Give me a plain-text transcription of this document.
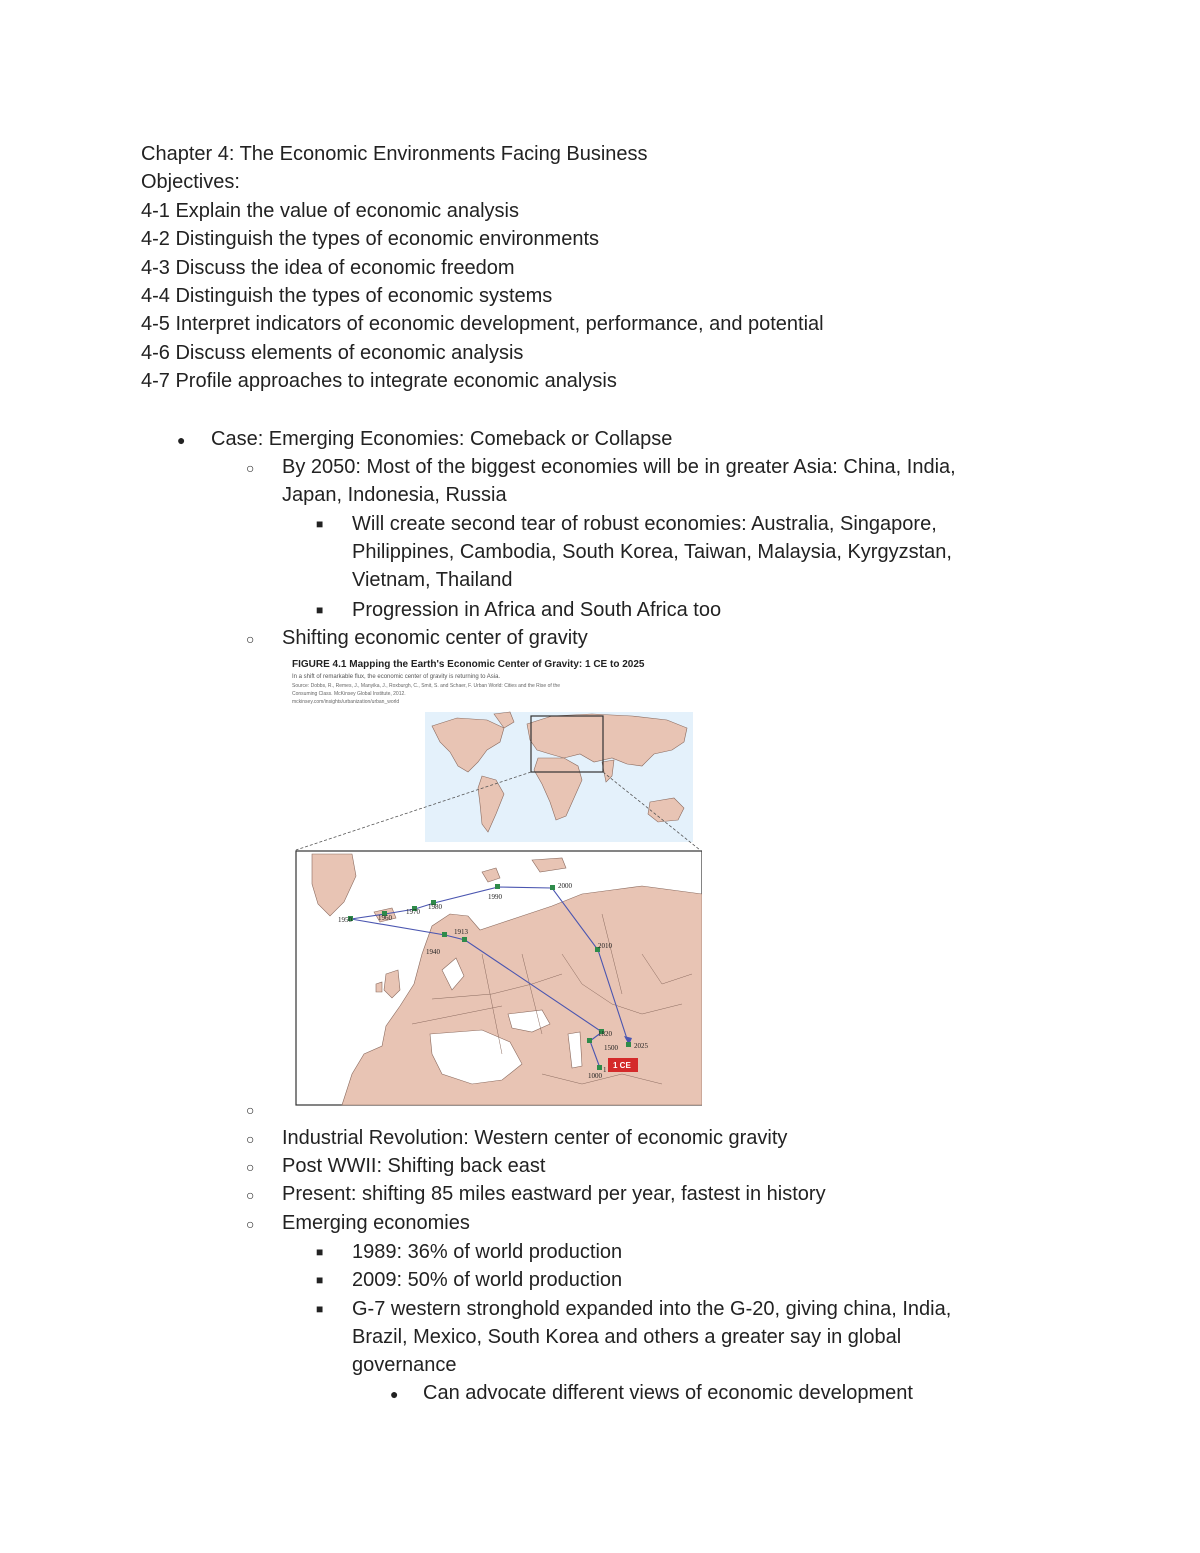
Chapter 4: The Economic Environments Facing Business
Objectives:
4-1 Explain the value of economic analysis
4-2 Distinguish the types of economic environments
4-3 Discuss the idea of economic freedom
4-4 Distinguish the types of economic systems
4-5 Interpret indicators of economic development, performance, and potential
4-6 Discuss elements of economic analysis
4-7 Profile approaches to integrate economic analysis
● Case: Emerging Economies: Comeback or Collapse
○ By 2050: Most of the biggest economies will be in greater Asia: China, India,
Japan, Indonesia, Russia
■ Will create second tear of robust economies: Australia, Singapore,
Philippines, Cambodia, South Korea, Taiwan, Malaysia, Kyrgyzstan,
Vietnam, Thailand
■ Progression in Africa and South Africa too
○ Shifting economic center of gravity
FIGURE 4.1 Mapping the Earth's Economic Center of Gravity: 1 CE to 2025
In a shift of remarkable flux, the economic center of gravity is returning to Asia.
Source: Dobbs, R., Remes, J., Manyika, J., Roxburgh, C., Smit, S. and Schaer, F. Urban World: Cities and the Rise of the
Consuming Class. McKinsey Global Institute, 2012.
mckinsey.com/insights/urbanization/urban_world
1500
1000
1820
1913
1940
1950	1960
1970
1980
1990
2000
2010
2025
1 1 CE
○
○ Industrial Revolution: Western center of economic gravity
○ Post WWII: Shifting back east
○ Present: shifting 85 miles eastward per year, fastest in history
○ Emerging economies
■ 1989: 36% of world production
■ 2009: 50% of world production
■ G-7 western stronghold expanded into the G-20, giving china, India,
Brazil, Mexico, South Korea and others a greater say in global
governance
● Can advocate different views of economic development
